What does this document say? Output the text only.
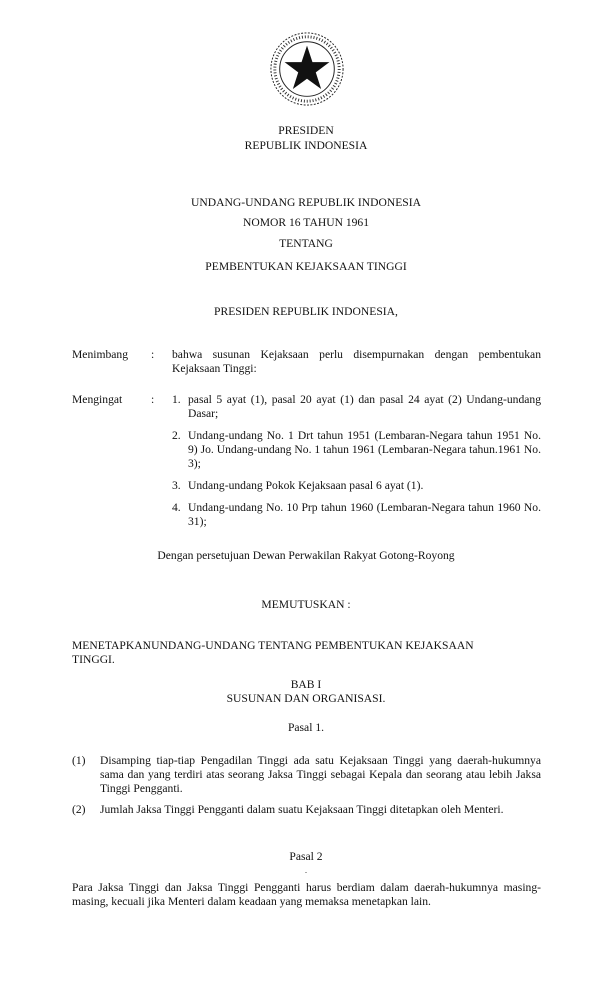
PRESIDEN
REPUBLIK INDONESIA
UNDANG-UNDANG REPUBLIK INDONESIA
NOMOR 16 TAHUN 1961
TENTANG
PEMBENTUKAN KEJAKSAAN TINGGI
PRESIDEN REPUBLIK INDONESIA,
Menimbang : bahwa susunan Kejaksaan perlu disempurnakan dengan pembentukan Kejaksaan Tinggi:
Mengingat : 1. pasal 5 ayat (1), pasal 20 ayat (1) dan pasal 24 ayat (2) Undang-undang Dasar;
2. Undang-undang No. 1 Drt tahun 1951 (Lembaran-Negara tahun 1951 No. 9) Jo. Undang-undang No. 1 tahun 1961 (Lembaran-Negara tahun.1961 No. 3);
3. Undang-undang Pokok Kejaksaan pasal 6 ayat (1).
4. Undang-undang No. 10 Prp tahun 1960 (Lembaran-Negara tahun 1960 No. 31);
Dengan persetujuan Dewan Perwakilan Rakyat Gotong-Royong
MEMUTUSKAN :
MENETAPKAN
: UNDANG-UNDANG TENTANG PEMBENTUKAN KEJAKSAAN
TINGGI.
BAB I
SUSUNAN DAN ORGANISASI.
Pasal 1.
(1) Disamping tiap-tiap Pengadilan Tinggi ada satu Kejaksaan Tinggi yang daerah-hukumnya sama dan yang terdiri atas seorang Jaksa Tinggi sebagai Kepala dan seorang atau lebih Jaksa Tinggi Pengganti.
(2) Jumlah Jaksa Tinggi Pengganti dalam suatu Kejaksaan Tinggi ditetapkan oleh Menteri.
Pasal 2
.
Para Jaksa Tinggi dan Jaksa Tinggi Pengganti harus berdiam dalam daerah-hukumnya masing-masing, kecuali jika Menteri dalam keadaan yang memaksa menetapkan lain.
